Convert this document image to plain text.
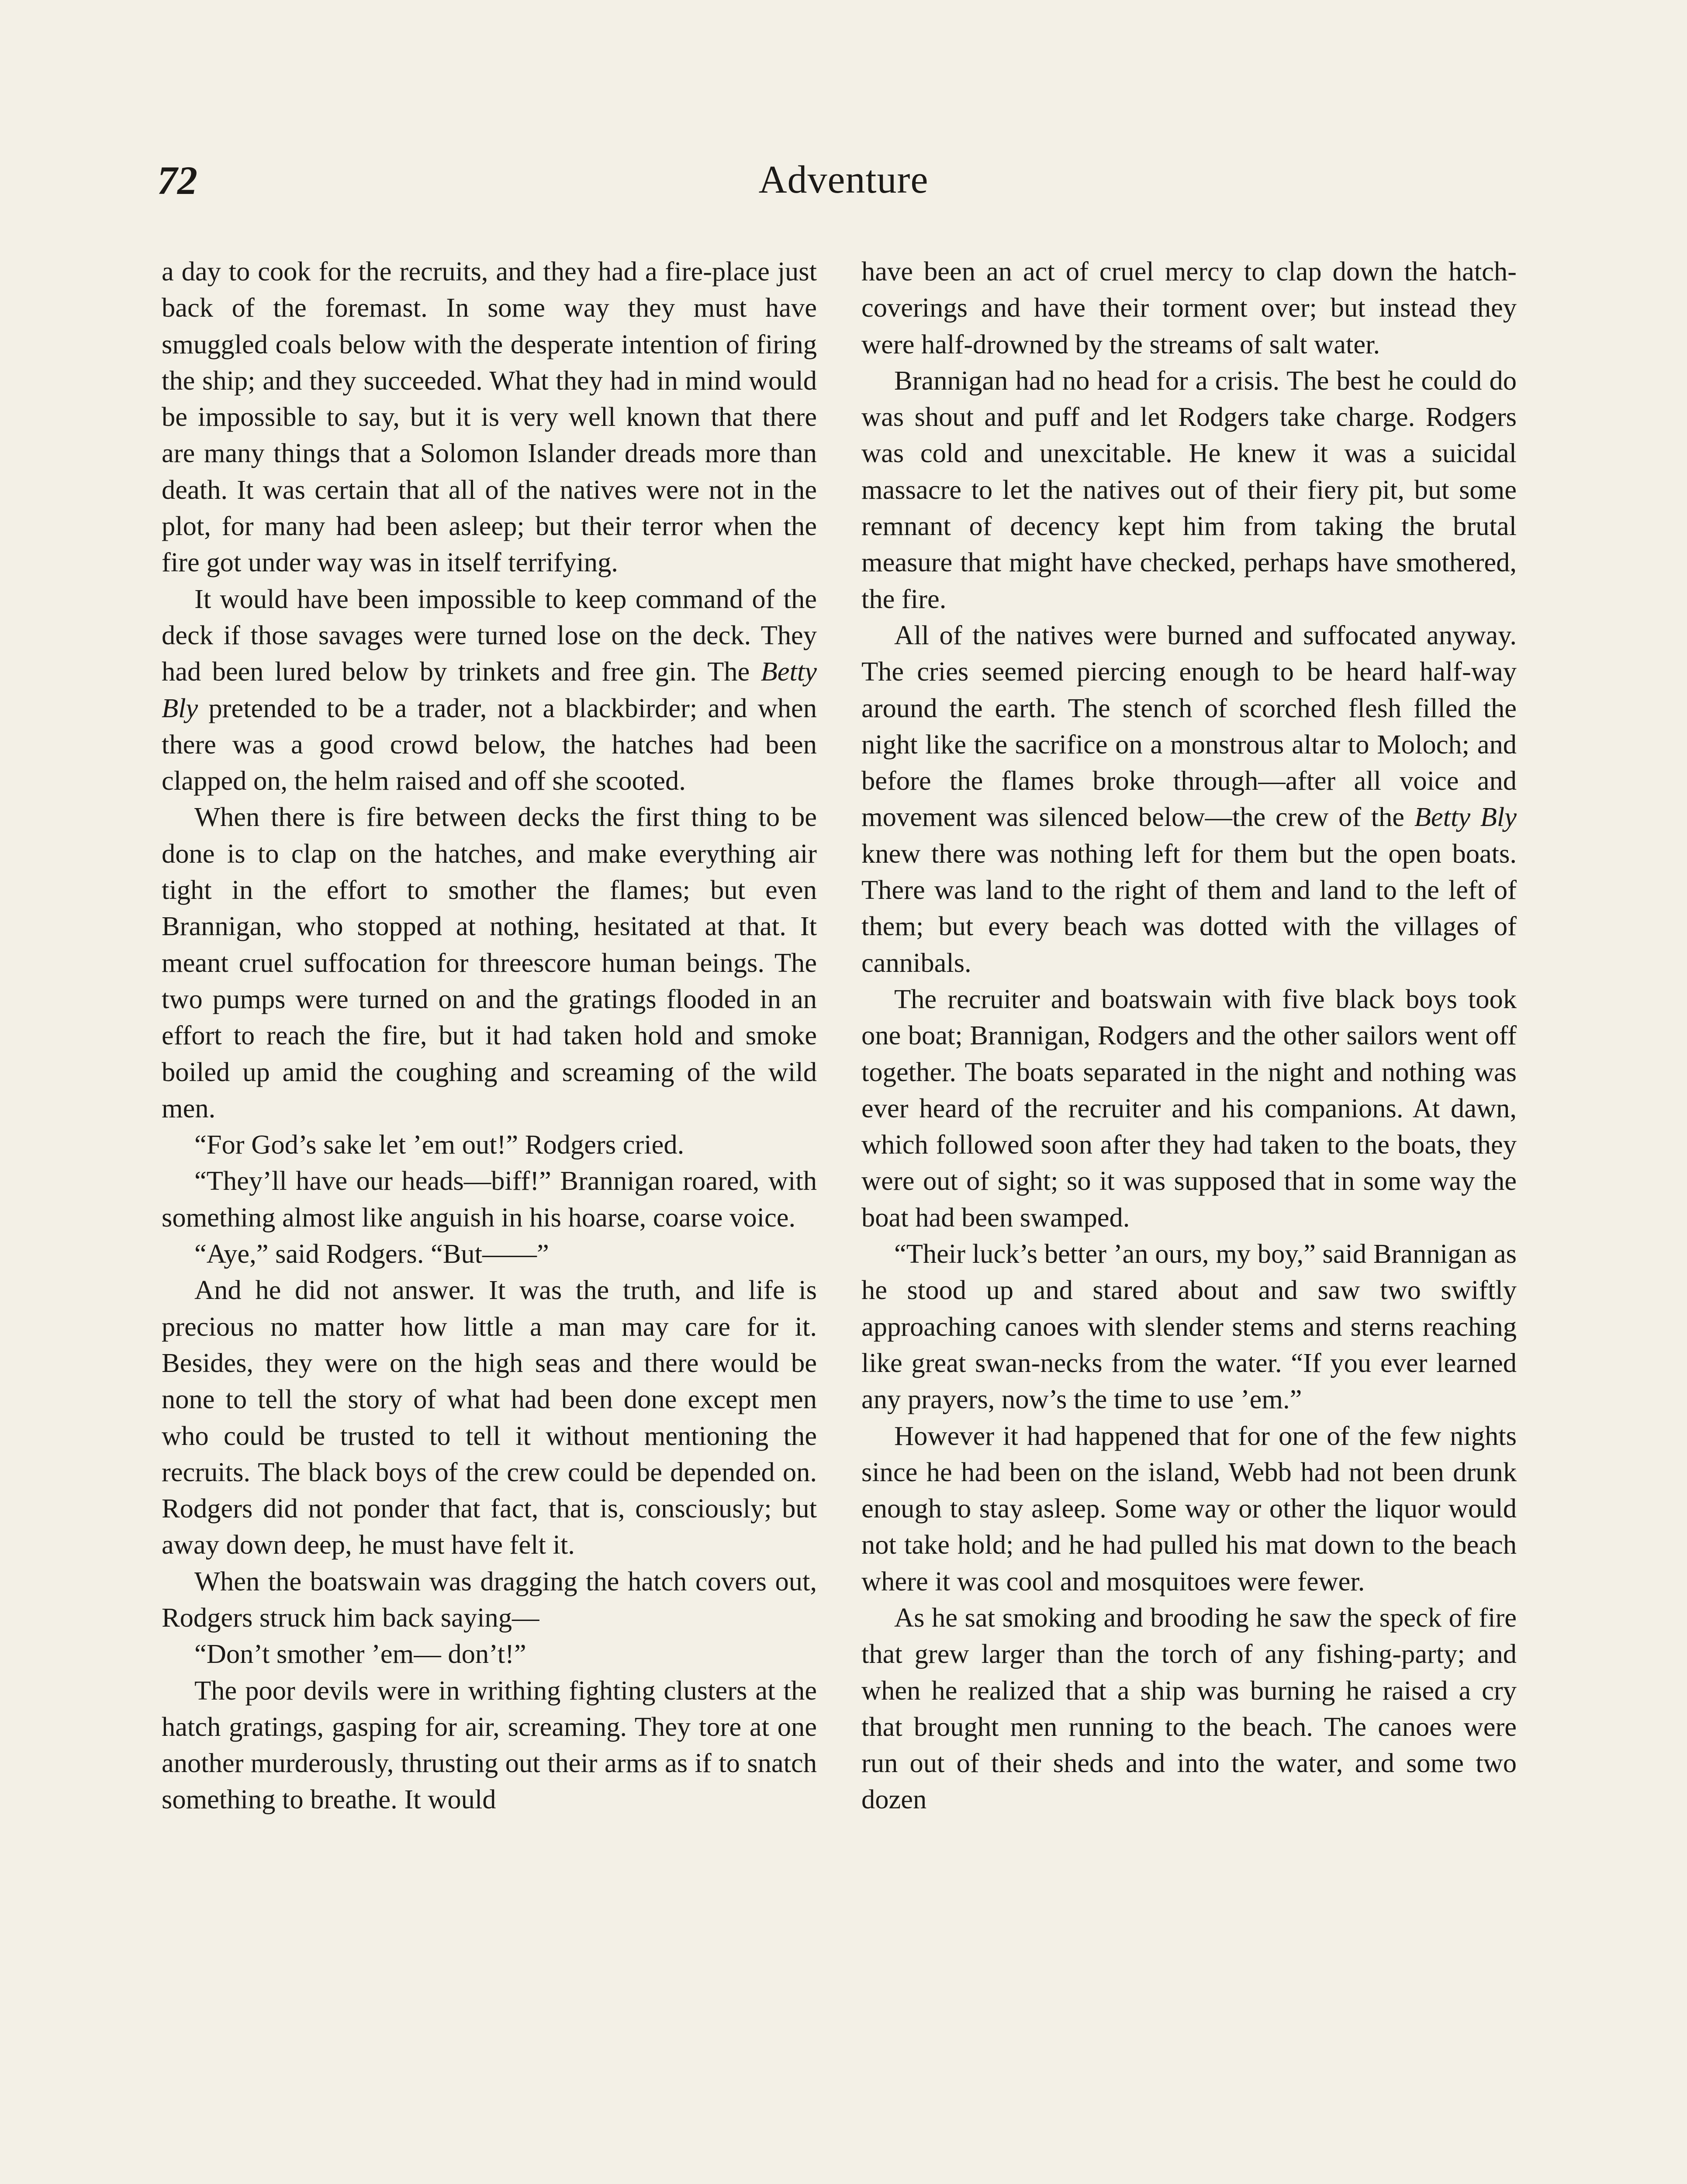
72	Adventure

a day to cook for the recruits, and they had a fire-place just back of the foremast. In some way they must have smuggled coals below with the desperate intention of firing the ship; and they succeeded. What they had in mind would be impossible to say, but it is very well known that there are many things that a Solomon Islander dreads more than death. It was certain that all of the natives were not in the plot, for many had been asleep; but their terror when the fire got under way was in itself terrifying.

It would have been impossible to keep command of the deck if those savages were turned lose on the deck. They had been lured below by trinkets and free gin. The Betty Bly pretended to be a trader, not a blackbirder; and when there was a good crowd below, the hatches had been clapped on, the helm raised and off she scooted.

When there is fire between decks the first thing to be done is to clap on the hatches, and make everything air tight in the effort to smother the flames; but even Brannigan, who stopped at nothing, hesitated at that. It meant cruel suffocation for threescore human beings. The two pumps were turned on and the gratings flooded in an effort to reach the fire, but it had taken hold and smoke boiled up amid the coughing and screaming of the wild men.

“For God’s sake let ’em out!” Rodgers cried.

“They’ll have our heads—biff!” Brannigan roared, with something almost like anguish in his hoarse, coarse voice.

“Aye,” said Rodgers. “But——”

And he did not answer. It was the truth, and life is precious no matter how little a man may care for it. Besides, they were on the high seas and there would be none to tell the story of what had been done except men who could be trusted to tell it without mentioning the recruits. The black boys of the crew could be depended on. Rodgers did not ponder that fact, that is, consciously; but away down deep, he must have felt it.

When the boatswain was dragging the hatch covers out, Rodgers struck him back saying—

“Don’t smother ’em— don’t!”

The poor devils were in writhing fighting clusters at the hatch gratings, gasping for air, screaming. They tore at one another murderously, thrusting out their arms as if to snatch something to breathe. It would

have been an act of cruel mercy to clap down the hatch-coverings and have their torment over; but instead they were half-drowned by the streams of salt water.

Brannigan had no head for a crisis. The best he could do was shout and puff and let Rodgers take charge. Rodgers was cold and unexcitable. He knew it was a suicidal massacre to let the natives out of their fiery pit, but some remnant of decency kept him from taking the brutal measure that might have checked, perhaps have smothered, the fire.

All of the natives were burned and suffocated anyway. The cries seemed piercing enough to be heard half-way around the earth. The stench of scorched flesh filled the night like the sacrifice on a monstrous altar to Moloch; and before the flames broke through—after all voice and movement was silenced below—the crew of the Betty Bly knew there was nothing left for them but the open boats. There was land to the right of them and land to the left of them; but every beach was dotted with the villages of cannibals.

The recruiter and boatswain with five black boys took one boat; Brannigan, Rodgers and the other sailors went off together. The boats separated in the night and nothing was ever heard of the recruiter and his companions. At dawn, which followed soon after they had taken to the boats, they were out of sight; so it was supposed that in some way the boat had been swamped.

“Their luck’s better ’an ours, my boy,” said Brannigan as he stood up and stared about and saw two swiftly approaching canoes with slender stems and sterns reaching like great swan-necks from the water. “If you ever learned any prayers, now’s the time to use ’em.”

However it had happened that for one of the few nights since he had been on the island, Webb had not been drunk enough to stay asleep. Some way or other the liquor would not take hold; and he had pulled his mat down to the beach where it was cool and mosquitoes were fewer.

As he sat smoking and brooding he saw the speck of fire that grew larger than the torch of any fishing-party; and when he realized that a ship was burning he raised a cry that brought men running to the beach. The canoes were run out of their sheds and into the water, and some two dozen
